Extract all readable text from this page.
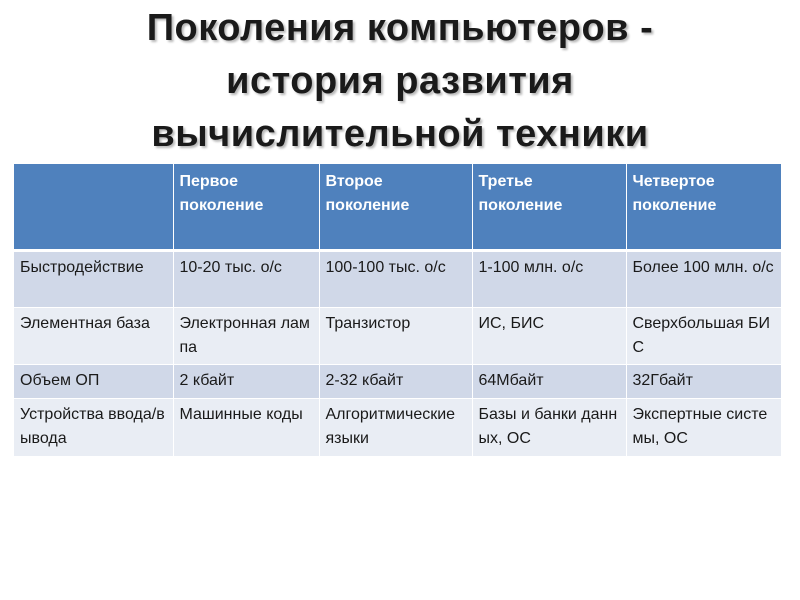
Поколения компьютеров -
история развития
вычислительной техники
	Первое поколение	Второе поколение	Третье поколение	Четвертое поколение
Быстродействие	10-20 тыс. о/с	100-100 тыс. о/с	1-100 млн. о/с	Более 100 млн. о/с
Элементная база	Электронная лампа	Транзистор	ИС, БИС	Сверхбольшая БИС
Объем ОП	2 кбайт	2-32 кбайт	64Мбайт	32Гбайт
Устройства ввода/вывода	Машинные коды	Алгоритмические языки	Базы и банки данных, ОС	Экспертные системы, ОС
